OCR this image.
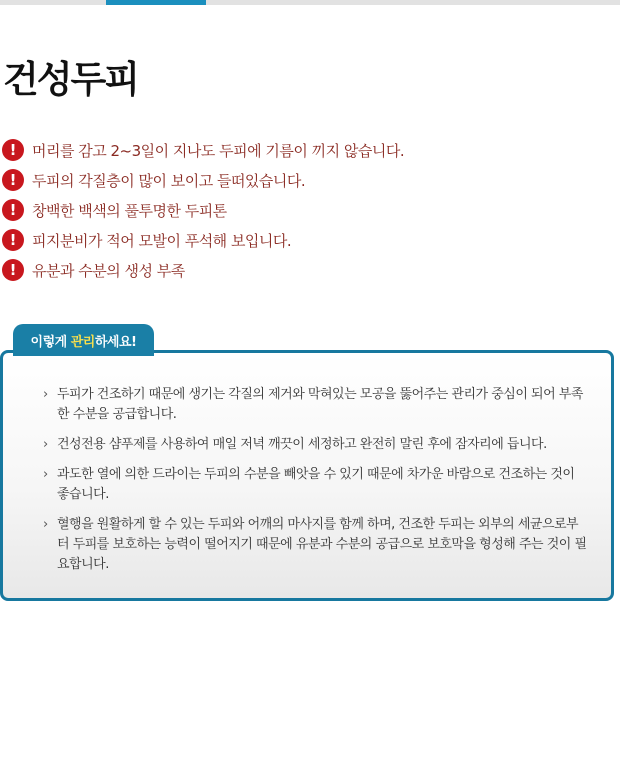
건성두피
!	머리를 감고 2~3일이 지나도 두피에 기름이 끼지 않습니다.
!	두피의 각질층이 많이 보이고 들떠있습니다.
!	창백한 백색의 풀투명한 두피톤
!	피지분비가 적어 모발이 푸석해 보입니다.
!	유분과 수분의 생성 부족
이렇게
관리 하세요!
› 두피가 건조하기 때문에 생기는 각질의 제거와 막혀있는 모공을 뚫어주는 관리가 중심이 되어 부족한 수분을 공급합니다.
› 건성전용 샴푸제를 사용하여 매일 저녁 깨끗이 세정하고 완전히 말린 후에 잠자리에 듭니다.
› 과도한 열에 의한 드라이는 두피의 수분을 빼앗을 수 있기 때문에 차가운 바람으로 건조하는 것이 좋습니다.
› 혈행을 원활하게 할 수 있는 두피와 어깨의 마사지를 함께 하며, 건조한 두피는 외부의 세균으로부터 두피를 보호하는 능력이 떨어지기 때문에 유분과 수분의 공급으로 보호막을 형성해 주는 것이 필요합니다.
